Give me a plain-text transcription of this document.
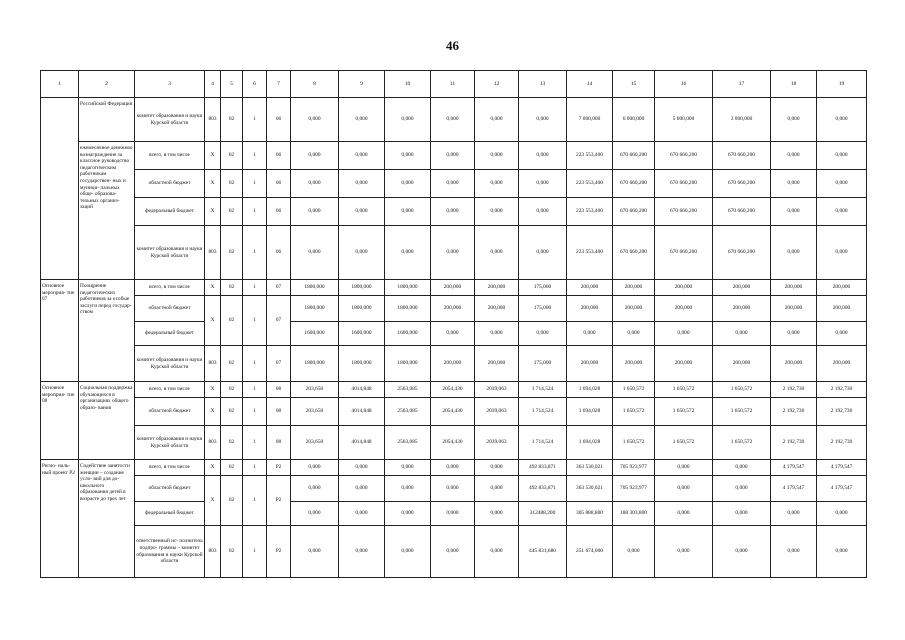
46
1	2	3	4	5	6	7	8	9	10	11	12	13	14	15	16	17	18	19
	Российской Федерации	комитет образования и науки Курской области	803	02	1	06	0,000	0,000	0,000	0,000	0,000	0,000	7 000,000	6 000,000	5 000,000	3 000,000	0,000	0,000
	ежемесячное денежное вознаграждение за классное руководство педагогическим работникам государствен- ных и муници- пальных обще- образова- тельных организ- заций	всего, в том числе	X	02	1	06	0,000	0,000	0,000	0,000	0,000	0,000	223 553,400	670 660,200	670 660,200	670 660,200	0,000	0,000
		областной бюджет	X	02	1	06	0,000	0,000	0,000	0,000	0,000	0,000	223 553,400	670 660,200	670 660,200	670 660,200	0,000	0,000
		федеральный бюджет	X	02	1	06	0,000	0,000	0,000	0,000	0,000	0,000	223 553,400	670 660,200	670 660,200	670 660,200	0,000	0,000
		комитет образования и науки Курской области	803	02	1	06	0,000	0,000	0,000	0,000	0,000	0,000	223 553,400	670 660,200	670 660,200	670 660,200	0,000	0,000
Основное мероприя- тие 07	Поощрение педагогических работников за особые заслуги перед государ- ством	всего, в том числе	X	02	1	07	1800,000	1800,000	1800,000	200,000	200,000	175,000	200,000	200,000	200,000	200,000	200,000	200,000
		областной бюджет	X	02	1	07	1800,000	1800,000	1800,000	200,000	200,000	175,000	200,000	200,000	200,000	200,000	200,000	200,000
		федеральный бюджет					1600,000	1600,000	1600,000	0,000	0,000	0,000	0,000	0,000	0,000	0,000	0,000	0,000
		комитет образования и науки Курской области	803	02	1	07	1800,000	1800,000	1800,000	200,000	200,000	175,000	200,000	200,000	200,000	200,000	200,000	200,000
Основное мероприя- тие 08	Социальная поддержка обучающихся в организациях общего образо- вания	всего, в том числе	X	02	1	08	203,650	4014,848	2563,085	2054,430	2039,063	1 714,524	1 694,028	1 650,572	1 650,572	1 650,572	2 192,730	2 192,730
		областной бюджет	X	02	1	08	203,650	4014,848	2563,085	2054,430	2039,063	1 714,524	1 694,028	1 650,572	1 650,572	1 650,572	2 192,730	2 192,730
		комитет образования и науки Курской области	803	02	1	08	203,650	4014,848	2563,085	2054,430	2039,063	1 714,524	1 694,028	1 650,572	1 650,572	1 650,572	2 192,730	2 192,730
Регио- наль- ный проект Р2	Содействие занятости женщин – создание усло- вий для до- школьного образования детей в возрасте до трех лет	всего, в том числе	X	02	1	P2	0,000	0,000	0,000	0,000	0,000	492 833,871	363 530,021	705 923,977	0,000	0,000	4 179,547	4 179,547
		областной бюджет	X	02	1	P2	0,000	0,000	0,000	0,000	0,000	492 833,871	363 530,021	705 923,977	0,000	0,000	4 179,547	4 179,547
		федеральный бюджет					0,000	0,000	0,000	0,000	0,000	312488,200	305 888,800	188 303,800	0,000	0,000	0,000	0,000
		ответственный ис- полнитель подпро- граммы – комитет образования и науки Курской области	803	02	1	P2	0,000	0,000	0,000	0,000	0,000	445 831,680	251 674,000	0,000	0,000	0,000	0,000	0,000
